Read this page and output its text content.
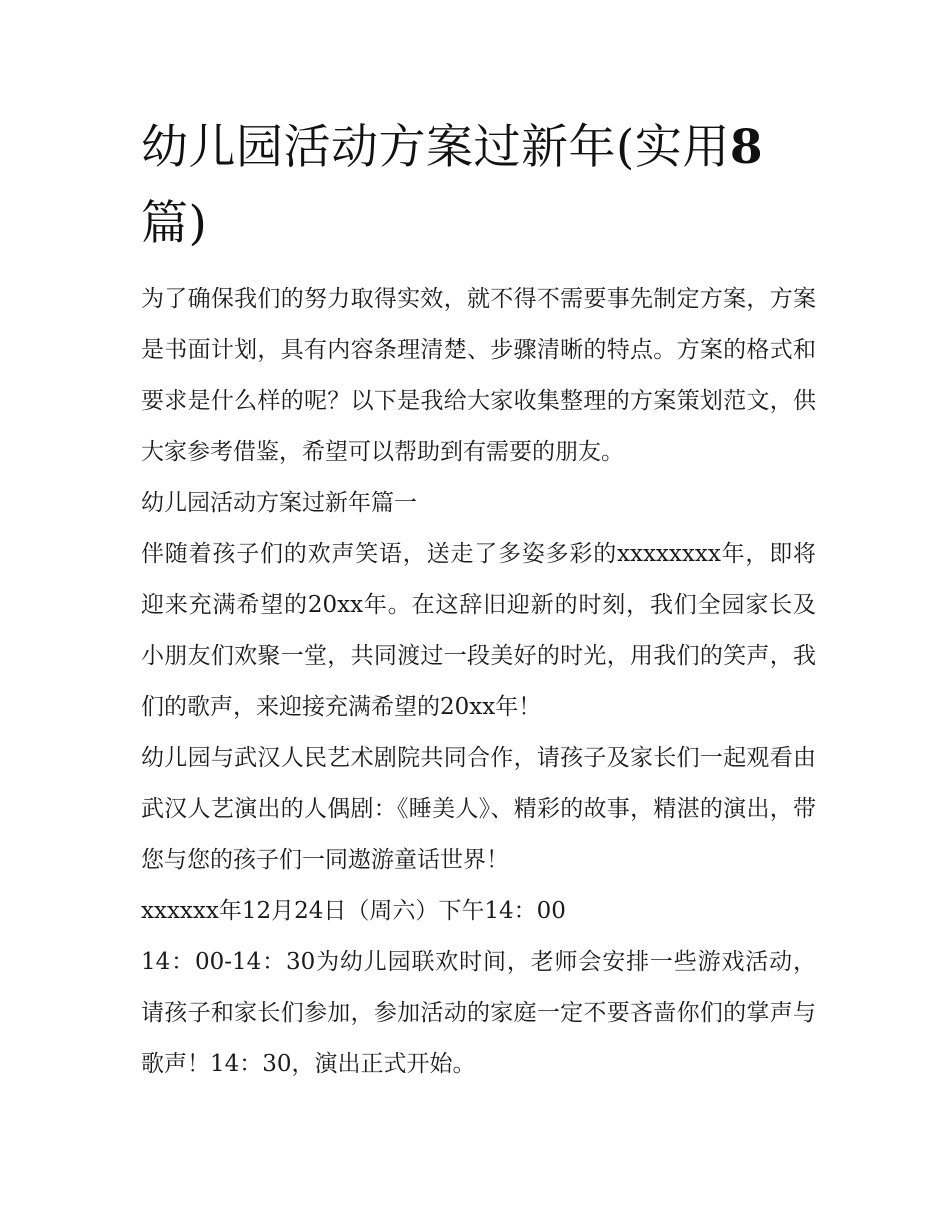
幼儿园活动方案过新年(实用8
篇)

为了确保我们的努力取得实效，就不得不需要事先制定方案，方案是书面计划，具有内容条理清楚、步骤清晰的特点。方案的格式和要求是什么样的呢？以下是我给大家收集整理的方案策划范文，供大家参考借鉴，希望可以帮助到有需要的朋友。

幼儿园活动方案过新年篇一

伴随着孩子们的欢声笑语，送走了多姿多彩的xxxxxxxx年，即将迎来充满希望的20xx年。在这辞旧迎新的时刻，我们全园家长及小朋友们欢聚一堂，共同渡过一段美好的时光，用我们的笑声，我们的歌声，来迎接充满希望的20xx年！

幼儿园与武汉人民艺术剧院共同合作，请孩子及家长们一起观看由武汉人艺演出的人偶剧：《睡美人》、精彩的故事，精湛的演出，带您与您的孩子们一同遨游童话世界！

xxxxxx年12月24日（周六）下午14：00

14：00-14：30为幼儿园联欢时间，老师会安排一些游戏活动，请孩子和家长们参加，参加活动的家庭一定不要吝啬你们的掌声与歌声！14：30，演出正式开始。
